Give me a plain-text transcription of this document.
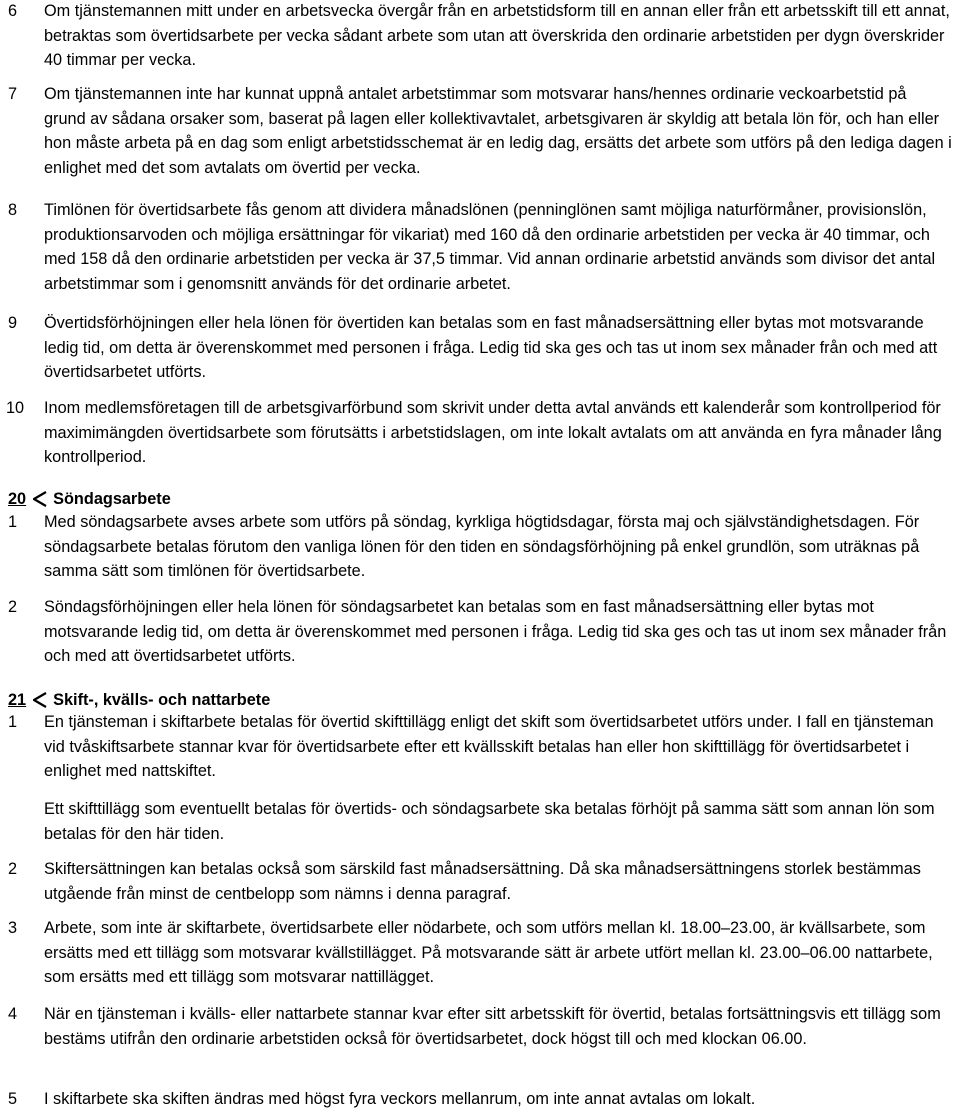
6	Om tjänstemannen mitt under en arbetsvecka övergår från en arbetstidsform till en annan eller från ett arbetsskift till ett annat, betraktas som övertidsarbete per vecka sådant arbete som utan att överskrida den ordinarie arbetstiden per dygn överskrider 40 timmar per vecka.
7	Om tjänstemannen inte har kunnat uppnå antalet arbetstimmar som motsvarar hans/hennes ordinarie veckoarbetstid på grund av sådana orsaker som, baserat på lagen eller kollektivavtalet, arbetsgivaren är skyldig att betala lön för, och han eller hon måste arbeta på en dag som enligt arbetstidsschemat är en ledig dag, ersätts det arbete som utförs på den lediga dagen i enlighet med det som avtalats om övertid per vecka.
8	Timlönen för övertidsarbete fås genom att dividera månadslönen (penninglönen samt möjliga naturförmåner, provisionslön, produktionsarvoden och möjliga ersättningar för vikariat) med 160 då den ordinarie arbetstiden per vecka är 40 timmar, och med 158 då den ordinarie arbetstiden per vecka är 37,5 timmar. Vid annan ordinarie arbetstid används som divisor det antal arbetstimmar som i genomsnitt används för det ordinarie arbetet.
9	Övertidsförhöjningen eller hela lönen för övertiden kan betalas som en fast månadsersättning eller bytas mot motsvarande ledig tid, om detta är överenskommet med personen i fråga. Ledig tid ska ges och tas ut inom sex månader från och med att övertidsarbetet utförts.
10	Inom medlemsföretagen till de arbetsgivarförbund som skrivit under detta avtal används ett kalenderår som kontrollperiod för maximimängden övertidsarbete som förutsätts i arbetstidslagen, om inte lokalt avtalats om att använda en fyra månader lång kontrollperiod.
20 Söndagsarbete
1	Med söndagsarbete avses arbete som utförs på söndag, kyrkliga högtidsdagar, första maj och självständighetsdagen. För söndagsarbete betalas förutom den vanliga lönen för den tiden en söndagsförhöjning på enkel grundlön, som uträknas på samma sätt som timlönen för övertidsarbete.
2	Söndagsförhöjningen eller hela lönen för söndagsarbetet kan betalas som en fast månadsersättning eller bytas mot motsvarande ledig tid, om detta är överenskommet med personen i fråga. Ledig tid ska ges och tas ut inom sex månader från och med att övertidsarbetet utförts.
21 Skift-, kvälls- och nattarbete
1	En tjänsteman i skiftarbete betalas för övertid skifttillägg enligt det skift som övertidsarbetet utförs under. I fall en tjänsteman vid tvåskiftsarbete stannar kvar för övertidsarbete efter ett kvällsskift betalas han eller hon skifttillägg för övertidsarbetet i enlighet med nattskiftet.
Ett skifttillägg som eventuellt betalas för övertids- och söndagsarbete ska betalas förhöjt på samma sätt som annan lön som betalas för den här tiden.
2	Skiftersättningen kan betalas också som särskild fast månadsersättning. Då ska månadsersättningens storlek bestämmas utgående från minst de centbelopp som nämns i denna paragraf.
3	Arbete, som inte är skiftarbete, övertidsarbete eller nödarbete, och som utförs mellan kl. 18.00–23.00, är kvällsarbete, som ersätts med ett tillägg som motsvarar kvällstillägget. På motsvarande sätt är arbete utfört mellan kl. 23.00–06.00 nattarbete, som ersätts med ett tillägg som motsvarar nattillägget.
4	När en tjänsteman i kvälls- eller nattarbete stannar kvar efter sitt arbetsskift för övertid, betalas fortsättningsvis ett tillägg som bestäms utifrån den ordinarie arbetstiden också för övertidsarbetet, dock högst till och med klockan 06.00.
5	I skiftarbete ska skiften ändras med högst fyra veckors mellanrum, om inte annat avtalas om lokalt.
